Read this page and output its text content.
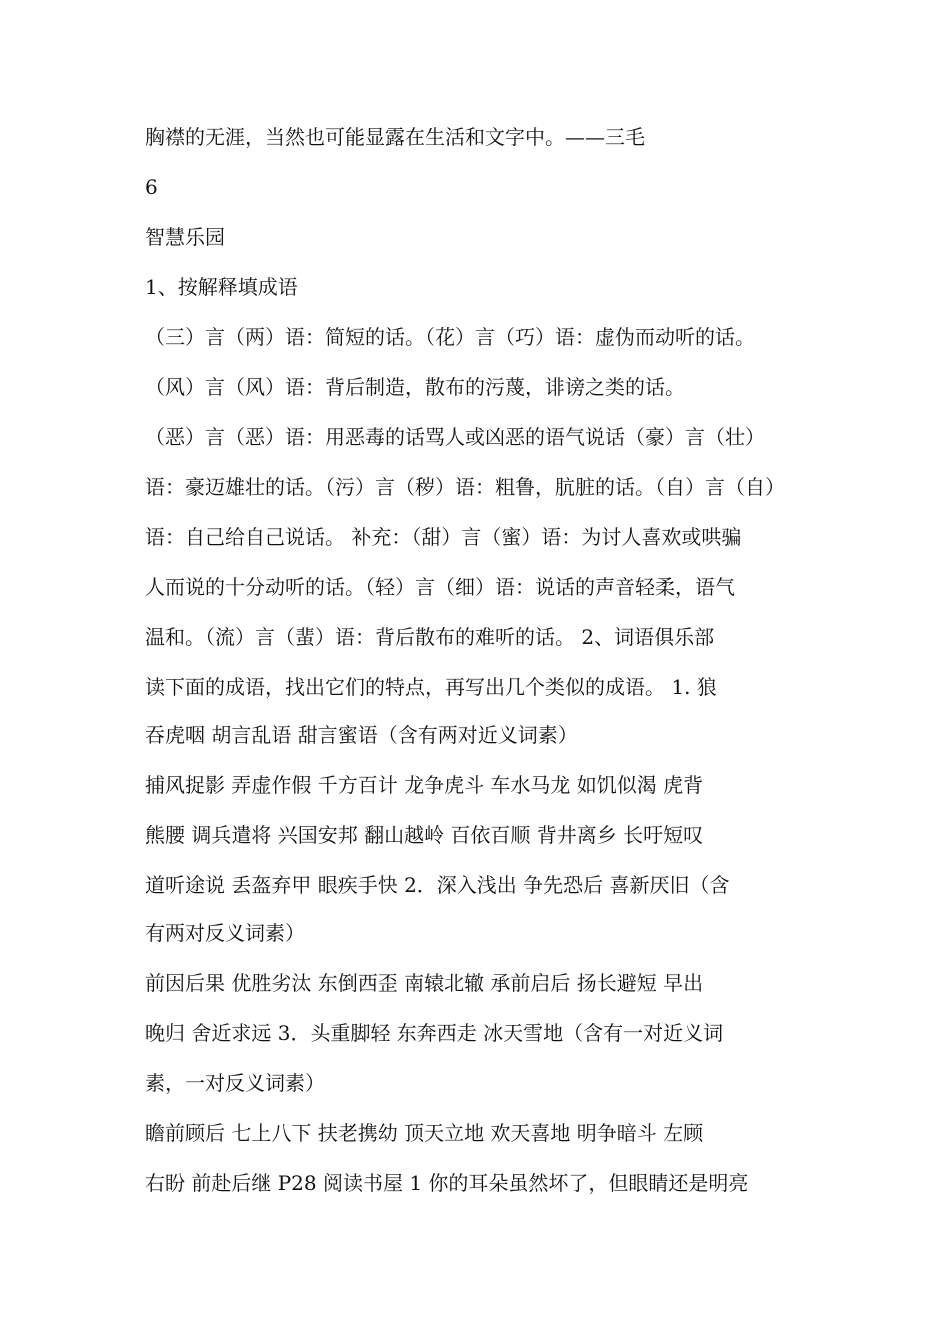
胸襟的无涯，当然也可能显露在生活和文字中。——三毛
6
智慧乐园
1、按解释填成语
（三）言（两）语：简短的话。（花）言（巧）语：虚伪而动听的话。
（风）言（风）语：背后制造，散布的污蔑，诽谤之类的话。
（恶）言（恶）语：用恶毒的话骂人或凶恶的语气说话（豪）言（壮）
语：豪迈雄壮的话。（污）言（秽）语：粗鲁，肮脏的话。（自）言（自）
语：自己给自己说话。 补充：（甜）言（蜜）语：为讨人喜欢或哄骗
人而说的十分动听的话。（轻）言（细）语：说话的声音轻柔，语气
温和。（流）言（蜚）语：背后散布的难听的话。 2、词语俱乐部
读下面的成语，找出它们的特点，再写出几个类似的成语。 1. 狼
吞虎咽 胡言乱语 甜言蜜语（含有两对近义词素）
捕风捉影 弄虚作假 千方百计 龙争虎斗 车水马龙 如饥似渴 虎背
熊腰 调兵遣将 兴国安邦 翻山越岭 百依百顺 背井离乡 长吁短叹
道听途说 丢盔弃甲 眼疾手快 2．深入浅出 争先恐后 喜新厌旧（含
有两对反义词素）
前因后果 优胜劣汰 东倒西歪 南辕北辙 承前启后 扬长避短 早出
晚归 舍近求远 3．头重脚轻 东奔西走 冰天雪地（含有一对近义词
素，一对反义词素）
瞻前顾后 七上八下 扶老携幼 顶天立地 欢天喜地 明争暗斗 左顾
右盼 前赴后继 P28 阅读书屋 1 你的耳朵虽然坏了，但眼睛还是明亮
